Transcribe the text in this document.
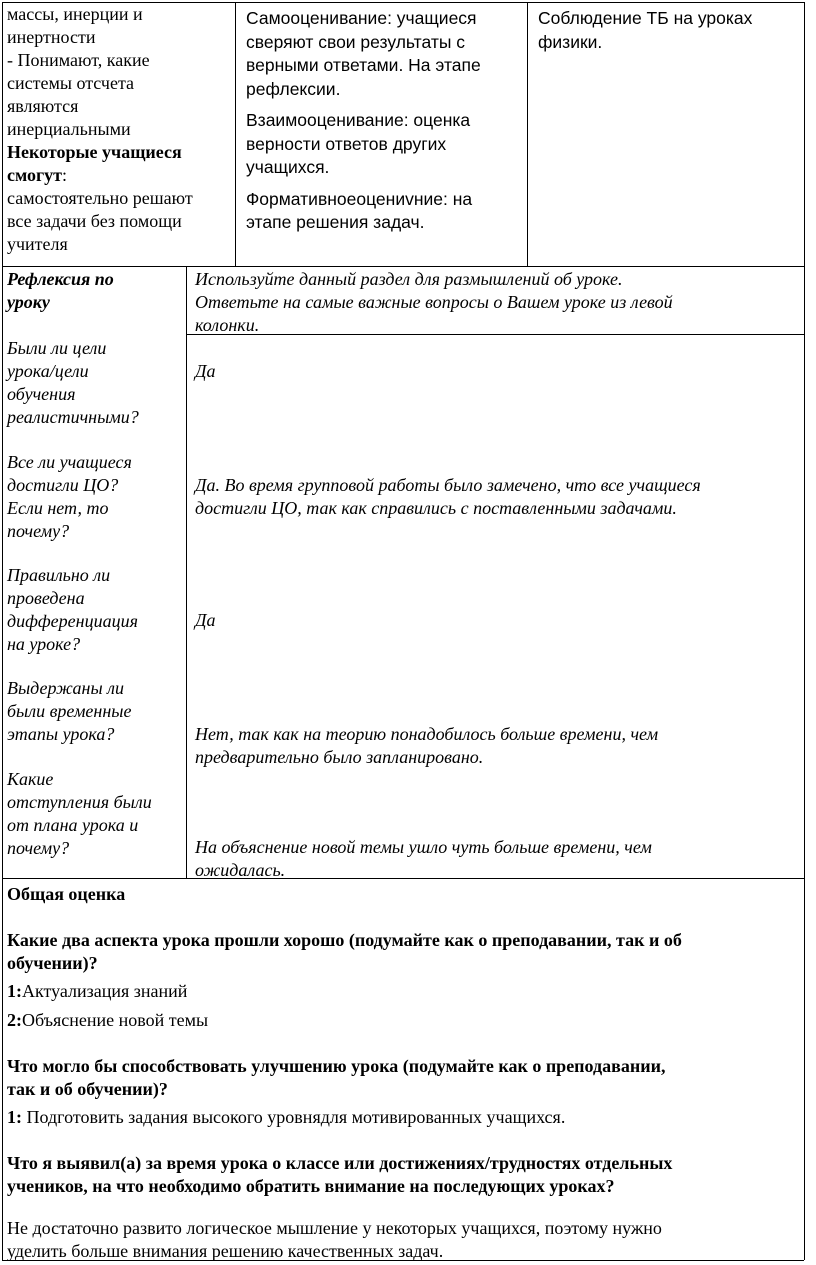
массы, инерции и

инертности

- Понимают, какие

системы отсчета

являются

инерциальными

Некоторые учащиеся

смогут:

самостоятельно решают

все задачи без помощи

учителя

Самооценивание: учащиеся

сверяют свои результаты с

верными ответами. На этапе

рефлексии.

Взаимооценивание: оценка

верности ответов других

учащихся.

Формативноеоцениvние: на

этапе решения задач.

Соблюдение ТБ на уроках

физики.

Рефлексия по

уроку

Были ли цели

урока/цели

обучения

реалистичными?

Все ли учащиеся

достигли ЦО?

Если нет, то

почему?

Правильно ли

проведена

дифференциация

на уроке?

Выдержаны ли

были временные

этапы урока?

Какие

отступления были

от плана урока и

почему?

Используйте данный раздел для размышлений об уроке.

Ответьте на самые важные вопросы о Вашем уроке из левой

колонки.

Да

Да. Во время групповой работы было замечено, что все учащиеся

достигли ЦО, так как справились с поставленными задачами.

Да

Нет, так как на теорию понадобилось больше времени, чем

предварительно было запланировано.

На объяснение новой темы ушло чуть больше времени, чем

ожидалась.

Общая оценка

Какие два аспекта урока прошли хорошо (подумайте как о преподавании, так и об

обучении)?

1:Актуализация знаний
2:Объяснение новой темы

Что могло бы способствовать улучшению урока (подумайте как о преподавании,

так и об обучении)?

1: Подготовить задания высокого уровнядля мотивированных учащихся.

Что я выявил(а) за время урока о классе или достижениях/трудностях отдельных

учеников, на что необходимо обратить внимание на последующих уроках?

Не достаточно развито логическое мышление у некоторых учащихся, поэтому нужно

уделить больше внимания решению качественных задач.
